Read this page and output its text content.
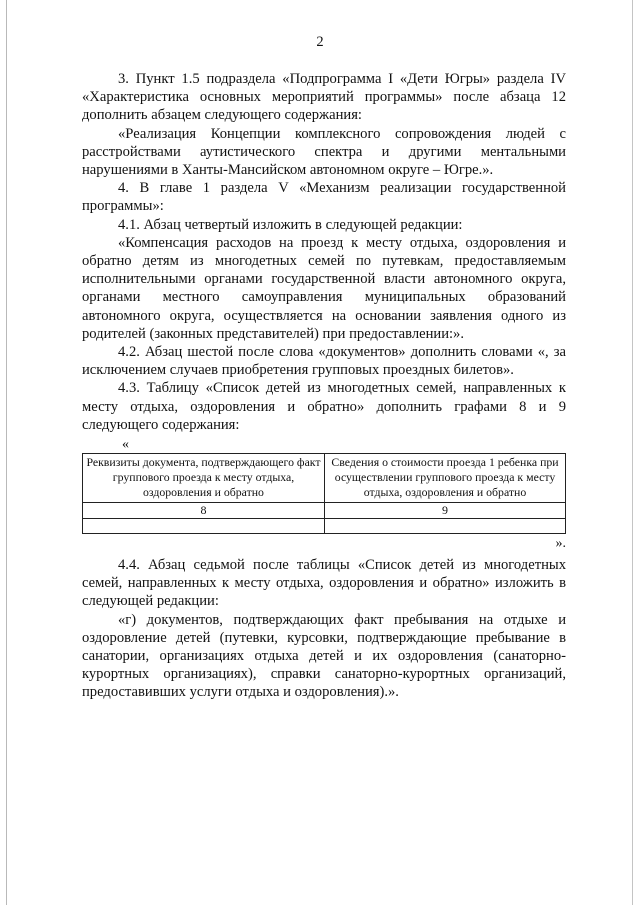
2

3. Пункт 1.5 подраздела «Подпрограмма I «Дети Югры» раздела IV «Характеристика основных мероприятий программы» после абзаца 12 дополнить абзацем следующего содержания:

«Реализация Концепции комплексного сопровождения людей с расстройствами аутистического спектра и другими ментальными нарушениями в Ханты-Мансийском автономном округе – Югре.».

4. В главе 1 раздела V «Механизм реализации государственной программы»:

4.1. Абзац четвертый изложить в следующей редакции:

«Компенсация расходов на проезд к месту отдыха, оздоровления и обратно детям из многодетных семей по путевкам, предоставляемым исполнительными органами государственной власти автономного округа, органами местного самоуправления муниципальных образований автономного округа, осуществляется на основании заявления одного из родителей (законных представителей) при предоставлении:».

4.2. Абзац шестой после слова «документов» дополнить словами «, за исключением случаев приобретения групповых проездных билетов».

4.3. Таблицу «Список детей из многодетных семей, направленных к месту отдыха, оздоровления и обратно» дополнить графами 8 и 9 следующего содержания:

«
Реквизиты документа, подтверждающего факт группового проезда к месту отдыха, оздоровления и обратно	Сведения о стоимости проезда 1 ребенка при осуществлении группового проезда к месту отдыха, оздоровления и обратно
8	9

».

4.4. Абзац седьмой после таблицы «Список детей из многодетных семей, направленных к месту отдыха, оздоровления и обратно» изложить в следующей редакции:

«г) документов, подтверждающих факт пребывания на отдыхе и оздоровление детей (путевки, курсовки, подтверждающие пребывание в санатории, организациях отдыха детей и их оздоровления (санаторно-курортных организациях), справки санаторно-курортных организаций, предоставивших услуги отдыха и оздоровления).».
